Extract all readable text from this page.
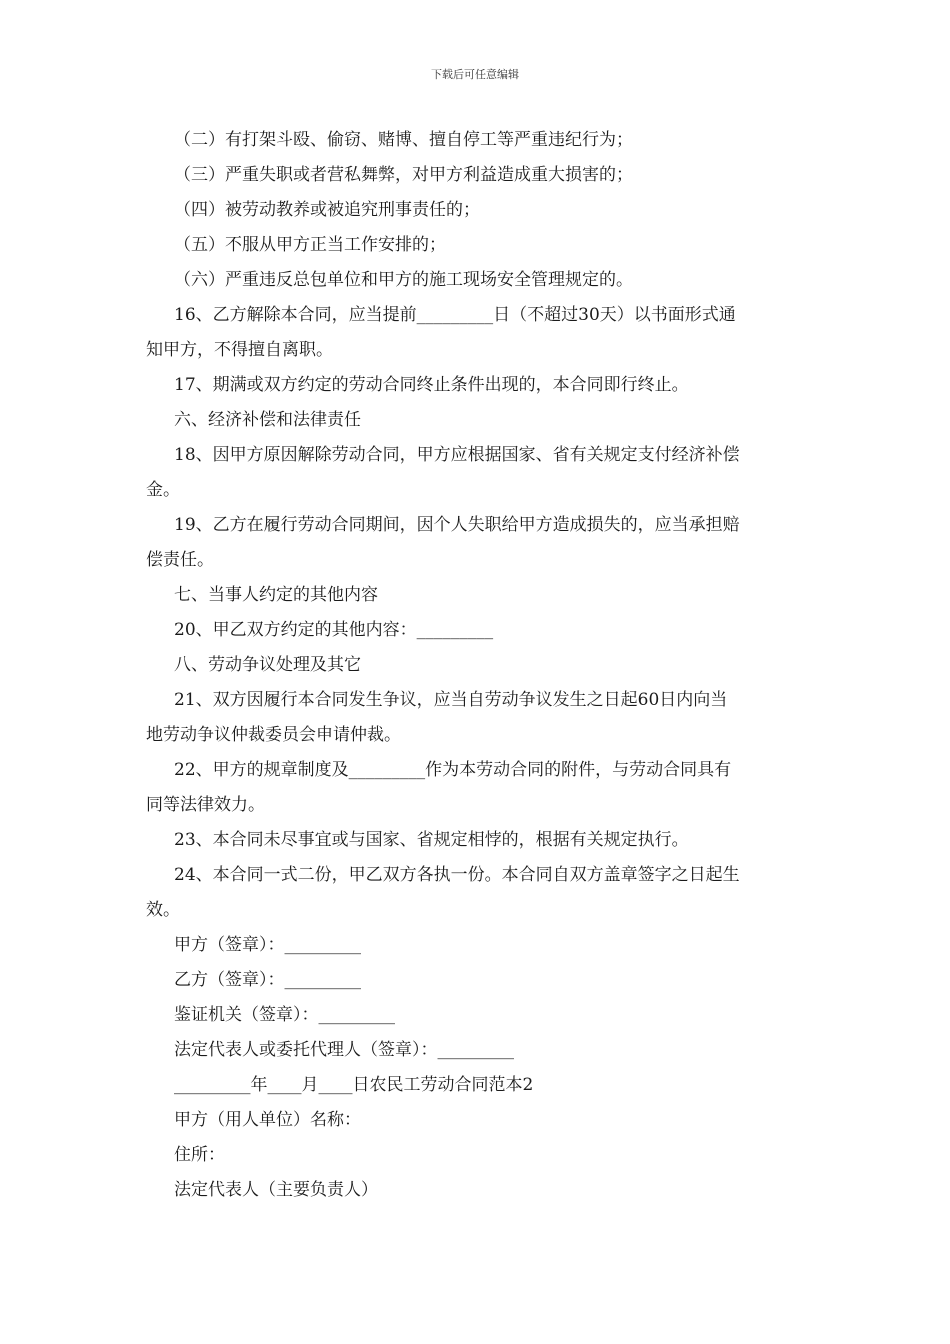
下载后可任意编辑

（二）有打架斗殴、偷窃、赌博、擅自停工等严重违纪行为；

（三）严重失职或者营私舞弊，对甲方利益造成重大损害的；

（四）被劳动教养或被追究刑事责任的；

（五）不服从甲方正当工作安排的；

（六）严重违反总包单位和甲方的施工现场安全管理规定的。

16、乙方解除本合同，应当提前_________日（不超过30天）以书面形式通

知甲方，不得擅自离职。

17、期满或双方约定的劳动合同终止条件出现的，本合同即行终止。

六、经济补偿和法律责任

18、因甲方原因解除劳动合同，甲方应根据国家、省有关规定支付经济补偿

金。

19、乙方在履行劳动合同期间，因个人失职给甲方造成损失的，应当承担赔

偿责任。

七、当事人约定的其他内容

20、甲乙双方约定的其他内容：_________

八、劳动争议处理及其它

21、双方因履行本合同发生争议，应当自劳动争议发生之日起60日内向当

地劳动争议仲裁委员会申请仲裁。

22、甲方的规章制度及_________作为本劳动合同的附件，与劳动合同具有

同等法律效力。

23、本合同未尽事宜或与国家、省规定相悖的，根据有关规定执行。

24、本合同一式二份，甲乙双方各执一份。本合同自双方盖章签字之日起生

效。

甲方（签章）：_________

乙方（签章）：_________

鉴证机关（签章）：_________

法定代表人或委托代理人（签章）：_________

_________年____月____日农民工劳动合同范本2

甲方（用人单位）名称：

住所：

法定代表人（主要负责人）
